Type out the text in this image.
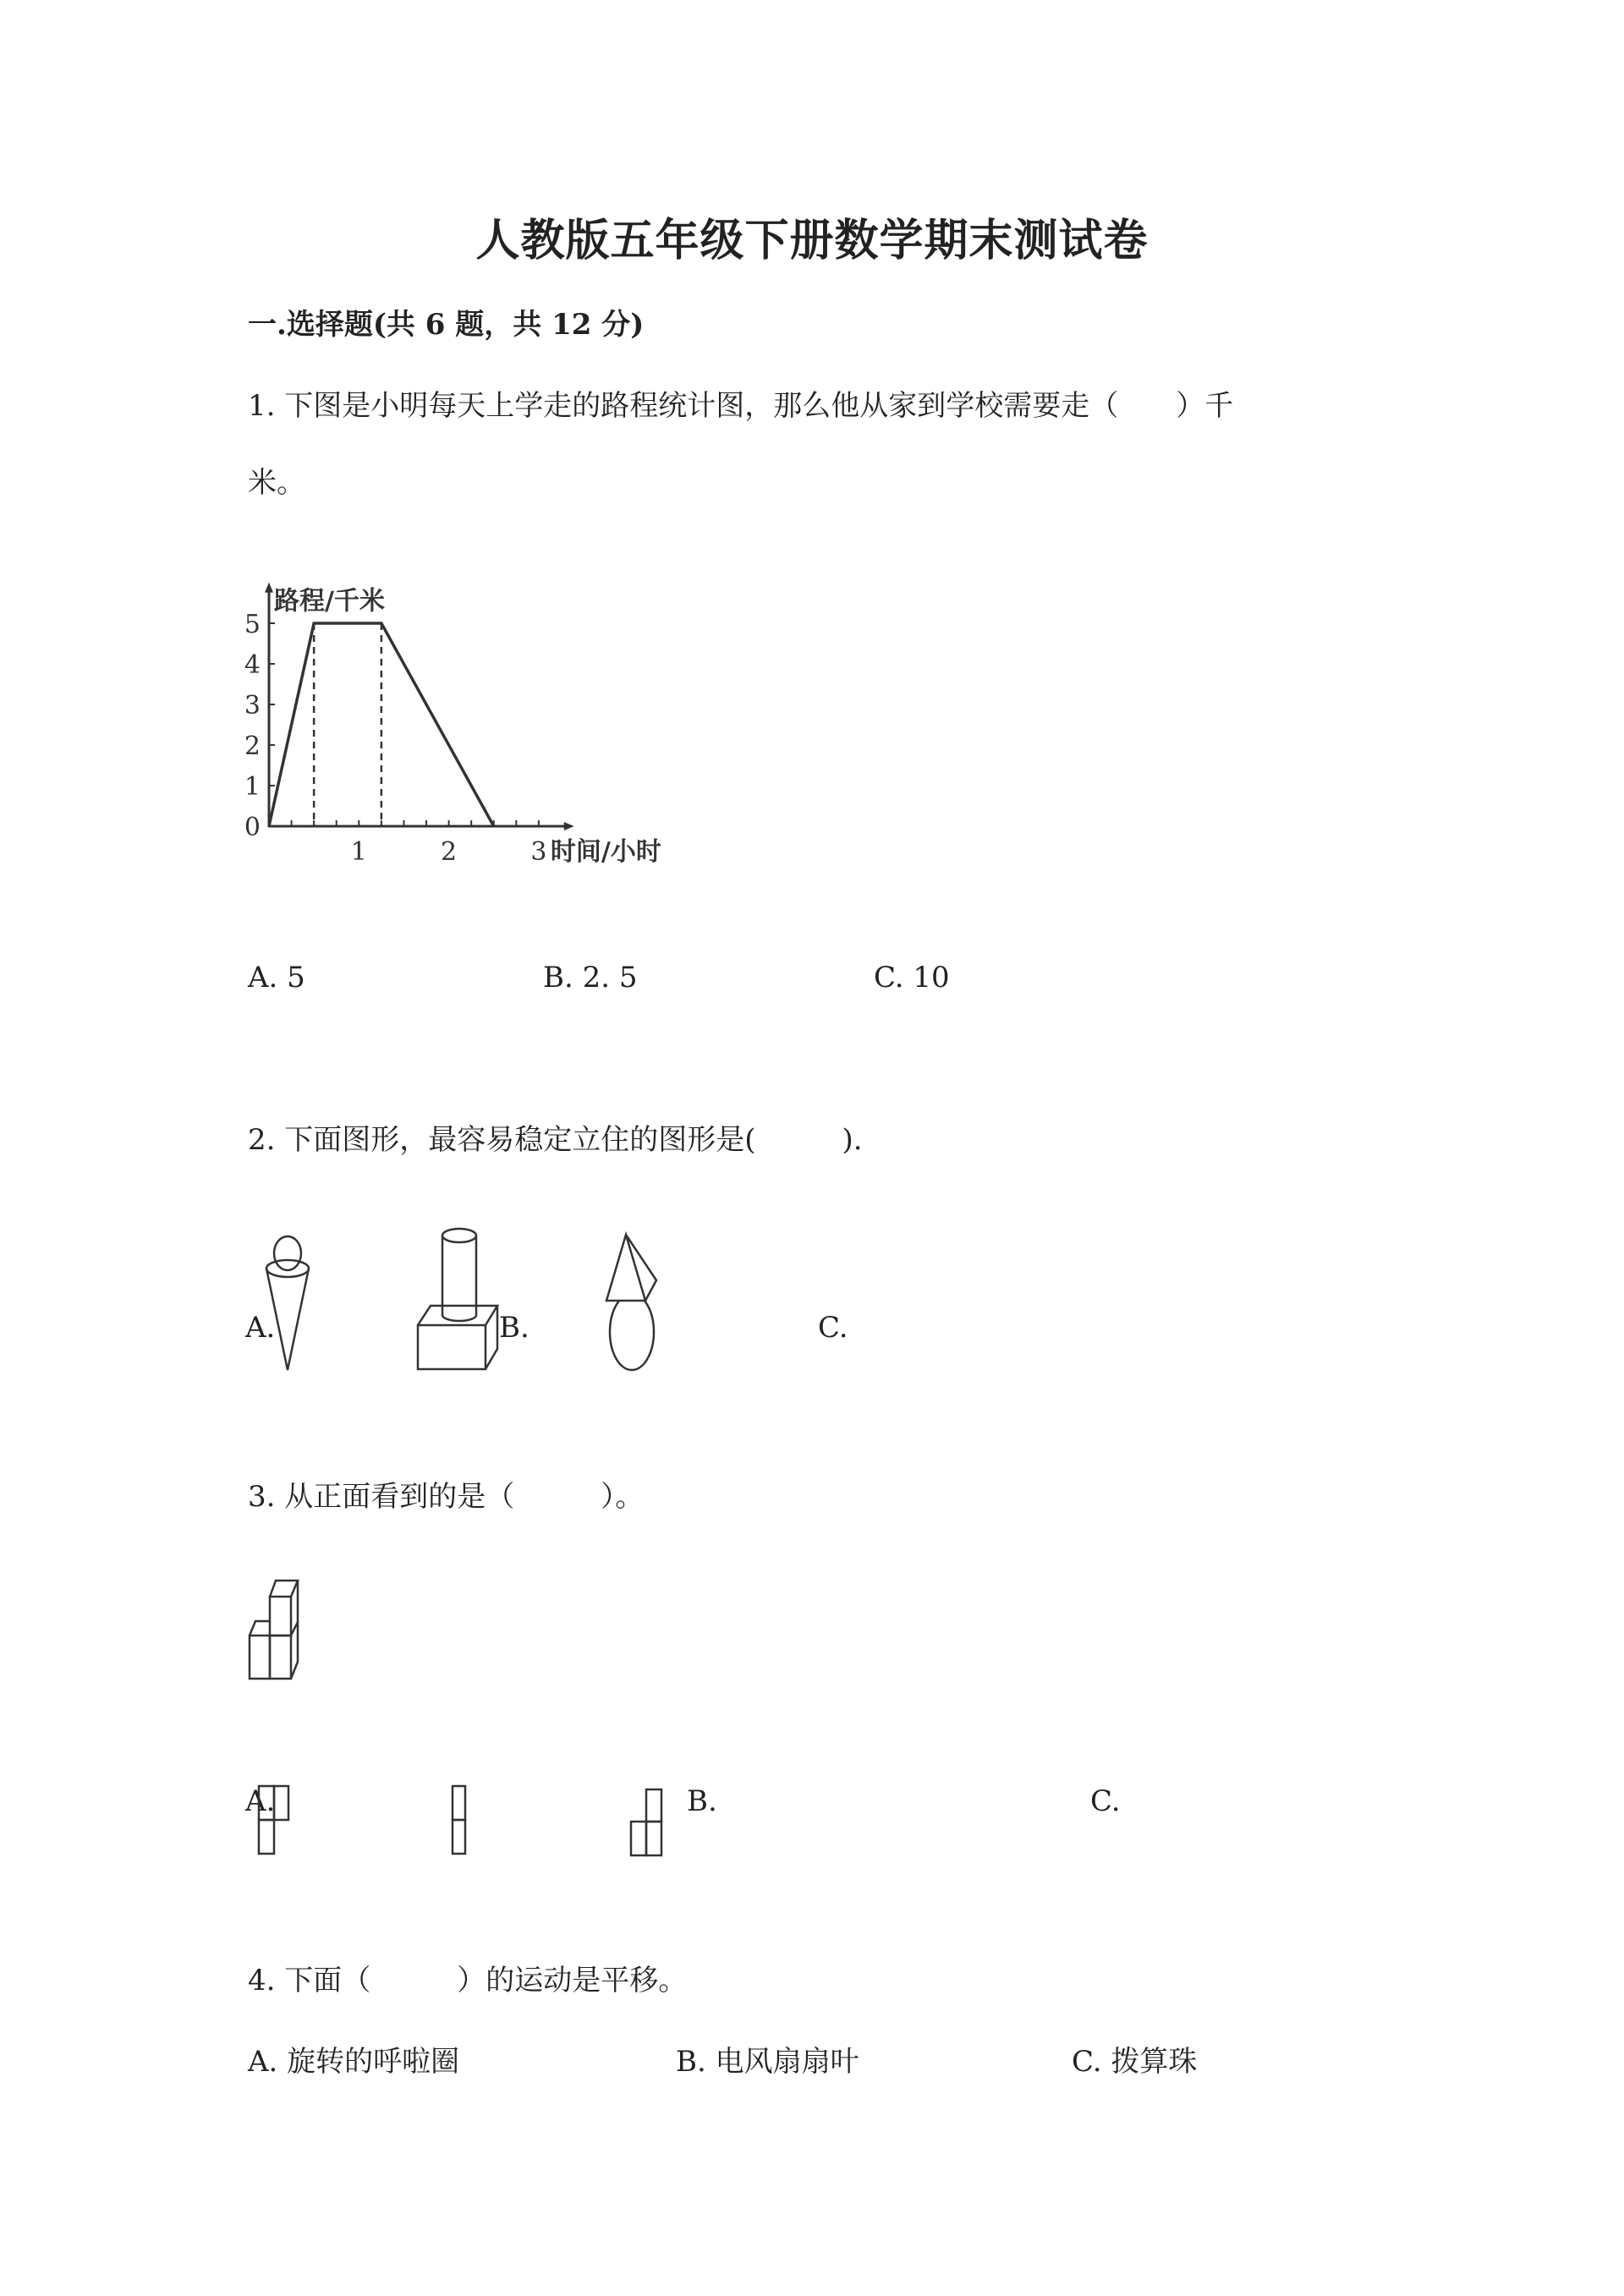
人教版五年级下册数学期末测试卷
一.选择题(共 6 题，共 12 分)
1. 下图是小明每天上学走的路程统计图，那么他从家到学校需要走（　　）千
米。
1	2	3
0
1
2
3
4
5
时间/小时
路程/千米
A. 5	B. 2. 5	C. 10
2. 下面图形，最容易稳定立住的图形是(　　　).
A.	B.	C.
3. 从正面看到的是（　　　）。
A.	B.	C.
4. 下面（　　　）的运动是平移。
A. 旋转的呼啦圈	B. 电风扇扇叶	C. 拨算珠
